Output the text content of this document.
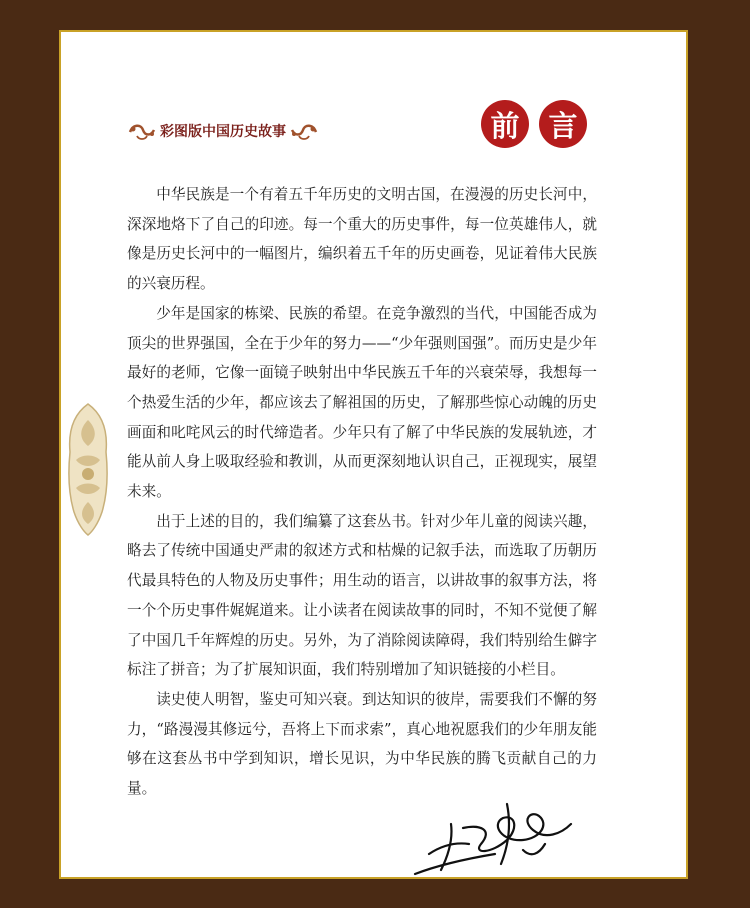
彩图版中国历史故事	前 言

中华民族是一个有着五千年历史的文明古国，在漫漫的历史长河中，深深地烙下了自己的印迹。每一个重大的历史事件，每一位英雄伟人，就像是历史长河中的一幅图片，编织着五千年的历史画卷，见证着伟大民族的兴衰历程。

少年是国家的栋梁、民族的希望。在竞争激烈的当代，中国能否成为顶尖的世界强国，全在于少年的努力——“少年强则国强”。而历史是少年最好的老师，它像一面镜子映射出中华民族五千年的兴衰荣辱，我想每一个热爱生活的少年，都应该去了解祖国的历史，了解那些惊心动魄的历史画面和叱咤风云的时代缔造者。少年只有了解了中华民族的发展轨迹，才能从前人身上吸取经验和教训，从而更深刻地认识自己，正视现实，展望未来。

出于上述的目的，我们编纂了这套丛书。针对少年儿童的阅读兴趣，略去了传统中国通史严肃的叙述方式和枯燥的记叙手法，而选取了历朝历代最具特色的人物及历史事件；用生动的语言，以讲故事的叙事方法，将一个个历史事件娓娓道来。让小读者在阅读故事的同时，不知不觉便了解了中国几千年辉煌的历史。另外，为了消除阅读障碍，我们特别给生僻字标注了拼音；为了扩展知识面，我们特别增加了知识链接的小栏目。

读史使人明智，鉴史可知兴衰。到达知识的彼岸，需要我们不懈的努力，“路漫漫其修远兮，吾将上下而求索”，真心地祝愿我们的少年朋友能够在这套丛书中学到知识，增长见识，为中华民族的腾飞贡献自己的力量。
